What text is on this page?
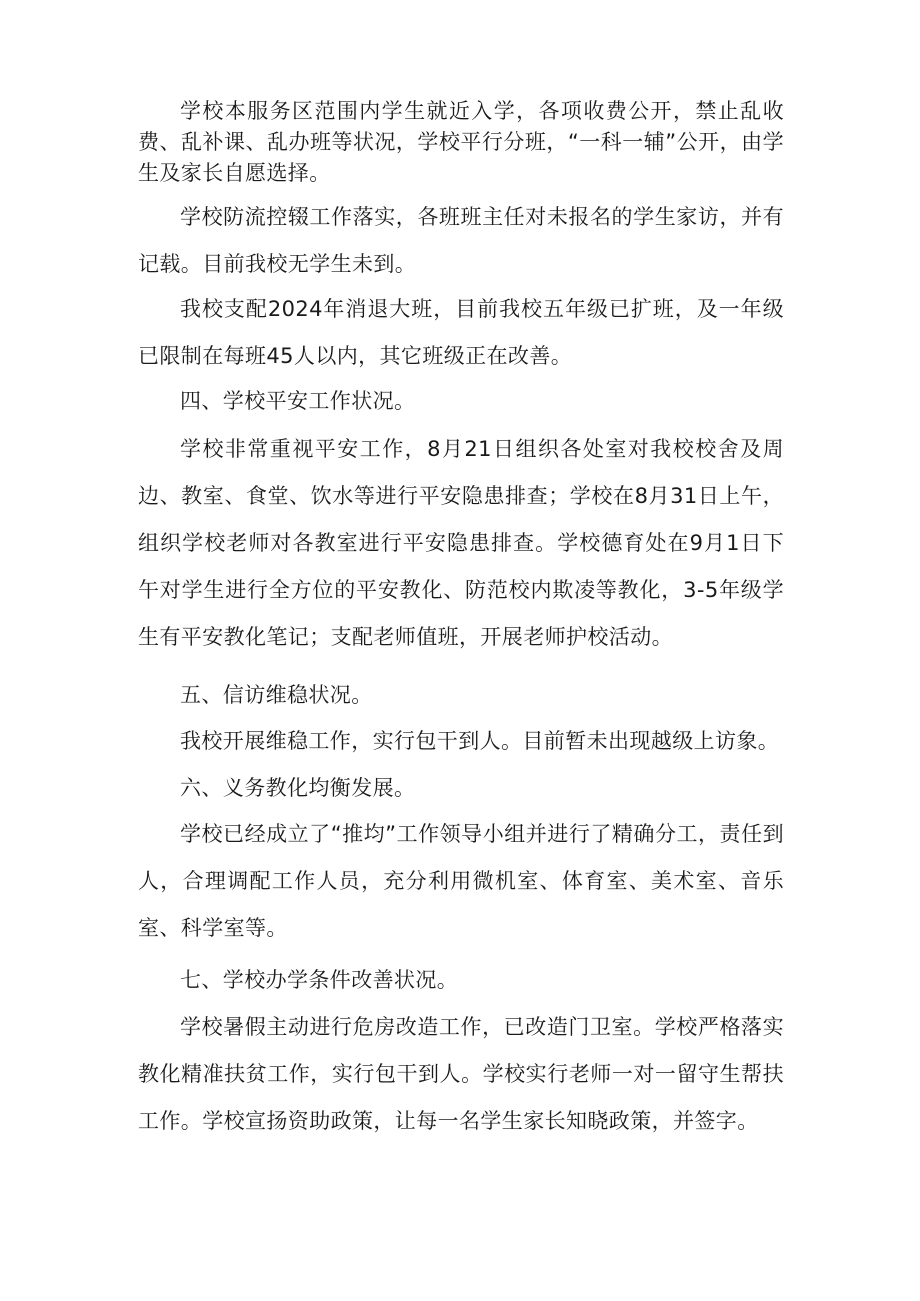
学校本服务区范围内学生就近入学，各项收费公开，禁止乱收费、乱补课、乱办班等状况，学校平行分班，“一科一辅”公开，由学生及家长自愿选择。

学校防流控辍工作落实，各班班主任对未报名的学生家访，并有记载。目前我校无学生未到。

我校支配2024年消退大班，目前我校五年级已扩班，及一年级已限制在每班45人以内，其它班级正在改善。

四、学校平安工作状况。

学校非常重视平安工作，8月21日组织各处室对我校校舍及周边、教室、食堂、饮水等进行平安隐患排查；学校在8月31日上午，组织学校老师对各教室进行平安隐患排查。学校德育处在9月1日下午对学生进行全方位的平安教化、防范校内欺凌等教化，3-5年级学生有平安教化笔记；支配老师值班，开展老师护校活动。

五、信访维稳状况。

我校开展维稳工作，实行包干到人。目前暂未出现越级上访象。

六、义务教化均衡发展。

学校已经成立了“推均”工作领导小组并进行了精确分工，责任到人，合理调配工作人员，充分利用微机室、体育室、美术室、音乐室、科学室等。

七、学校办学条件改善状况。

学校暑假主动进行危房改造工作，已改造门卫室。学校严格落实教化精准扶贫工作，实行包干到人。学校实行老师一对一留守生帮扶工作。学校宣扬资助政策，让每一名学生家长知晓政策，并签字。
